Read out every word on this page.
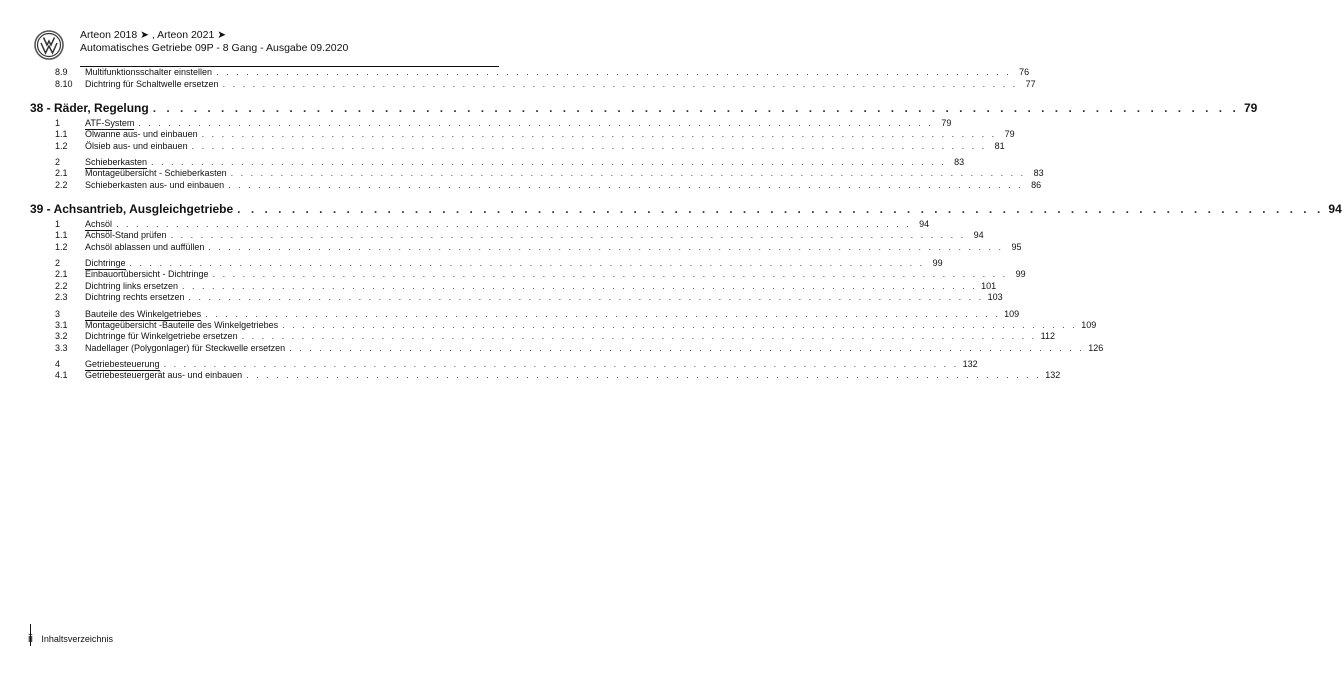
Arteon 2018 ➤ , Arteon 2021 ➤
Automatisches Getriebe 09P - 8 Gang - Ausgabe 09.2020
8.9	Multifunktionsschalter einstellen . . . . . . . . . . . . . . . . . . . . . . . . . . . . . . . . . . . . . . . . . . . . . . . . . . . . . . . . . . . . . . . . . . . . . . . . . . . . . . . . 76
8.10	Dichtring für Schaltwelle ersetzen . . . . . . . . . . . . . . . . . . . . . . . . . . . . . . . . . . . . . . . . . . . . . . . . . . . . . . . . . . . . . . . . . . . . . . . . . . . . . . . . 77
38 - Räder, Regelung . . . . . . . . . . . . . . . . . . . . . . . . . . . . . . . . . . . . . . . . . . . . . . . . . . . . . . . . . . . . . . . . . . . . . . . . . . . . . . . . 79
1	ATF-System . . . . . . . . . . . . . . . . . . . . . . . . . . . . . . . . . . . . . . . . . . . . . . . . . . . . . . . . . . . . . . . . . . . . . . . . . . . . . . . . 79
1.1	Ölwanne aus- und einbauen . . . . . . . . . . . . . . . . . . . . . . . . . . . . . . . . . . . . . . . . . . . . . . . . . . . . . . . . . . . . . . . . . . . . . . . . . . . . . . . . 79
1.2	Ölsieb aus- und einbauen . . . . . . . . . . . . . . . . . . . . . . . . . . . . . . . . . . . . . . . . . . . . . . . . . . . . . . . . . . . . . . . . . . . . . . . . . . . . . . . . 81
2	Schieberkasten . . . . . . . . . . . . . . . . . . . . . . . . . . . . . . . . . . . . . . . . . . . . . . . . . . . . . . . . . . . . . . . . . . . . . . . . . . . . . . . . 83
2.1	Montageübersicht - Schieberkasten . . . . . . . . . . . . . . . . . . . . . . . . . . . . . . . . . . . . . . . . . . . . . . . . . . . . . . . . . . . . . . . . . . . . . . . . . . . . . . . . 83
2.2	Schieberkasten aus- und einbauen . . . . . . . . . . . . . . . . . . . . . . . . . . . . . . . . . . . . . . . . . . . . . . . . . . . . . . . . . . . . . . . . . . . . . . . . . . . . . . . . 86
39 - Achsantrieb, Ausgleichgetriebe . . . . . . . . . . . . . . . . . . . . . . . . . . . . . . . . . . . . . . . . . . . . . . . . . . . . . . . . . . . . . . . . . . . . . . . . . . . . . . . . 94
1	Achsöl . . . . . . . . . . . . . . . . . . . . . . . . . . . . . . . . . . . . . . . . . . . . . . . . . . . . . . . . . . . . . . . . . . . . . . . . . . . . . . . . 94
1.1	Achsöl-Stand prüfen . . . . . . . . . . . . . . . . . . . . . . . . . . . . . . . . . . . . . . . . . . . . . . . . . . . . . . . . . . . . . . . . . . . . . . . . . . . . . . . . 94
1.2	Achsöl ablassen und auffüllen . . . . . . . . . . . . . . . . . . . . . . . . . . . . . . . . . . . . . . . . . . . . . . . . . . . . . . . . . . . . . . . . . . . . . . . . . . . . . . . . 95
2	Dichtringe . . . . . . . . . . . . . . . . . . . . . . . . . . . . . . . . . . . . . . . . . . . . . . . . . . . . . . . . . . . . . . . . . . . . . . . . . . . . . . . . 99
2.1	Einbauortübersicht - Dichtringe . . . . . . . . . . . . . . . . . . . . . . . . . . . . . . . . . . . . . . . . . . . . . . . . . . . . . . . . . . . . . . . . . . . . . . . . . . . . . . . . 99
2.2	Dichtring links ersetzen . . . . . . . . . . . . . . . . . . . . . . . . . . . . . . . . . . . . . . . . . . . . . . . . . . . . . . . . . . . . . . . . . . . . . . . . . . . . . . . . 101
2.3	Dichtring rechts ersetzen . . . . . . . . . . . . . . . . . . . . . . . . . . . . . . . . . . . . . . . . . . . . . . . . . . . . . . . . . . . . . . . . . . . . . . . . . . . . . . . . 103
3	Bauteile des Winkelgetriebes . . . . . . . . . . . . . . . . . . . . . . . . . . . . . . . . . . . . . . . . . . . . . . . . . . . . . . . . . . . . . . . . . . . . . . . . . . . . . . . . 109
3.1	Montageübersicht -Bauteile des Winkelgetriebes . . . . . . . . . . . . . . . . . . . . . . . . . . . . . . . . . . . . . . . . . . . . . . . . . . . . . . . . . . . . . . . . . . . . . . . . . . . . . . . . 109
3.2	Dichtringe für Winkelgetriebe ersetzen . . . . . . . . . . . . . . . . . . . . . . . . . . . . . . . . . . . . . . . . . . . . . . . . . . . . . . . . . . . . . . . . . . . . . . . . . . . . . . . . 112
3.3	Nadellager (Polygonlager) für Steckwelle ersetzen . . . . . . . . . . . . . . . . . . . . . . . . . . . . . . . . . . . . . . . . . . . . . . . . . . . . . . . . . . . . . . . . . . . . . . . . . . . . . . . . 126
4	Getriebesteuerung . . . . . . . . . . . . . . . . . . . . . . . . . . . . . . . . . . . . . . . . . . . . . . . . . . . . . . . . . . . . . . . . . . . . . . . . . . . . . . . . 132
4.1	Getriebesteuergerät aus- und einbauen . . . . . . . . . . . . . . . . . . . . . . . . . . . . . . . . . . . . . . . . . . . . . . . . . . . . . . . . . . . . . . . . . . . . . . . . . . . . . . . . 132
ii Inhaltsverzeichnis
